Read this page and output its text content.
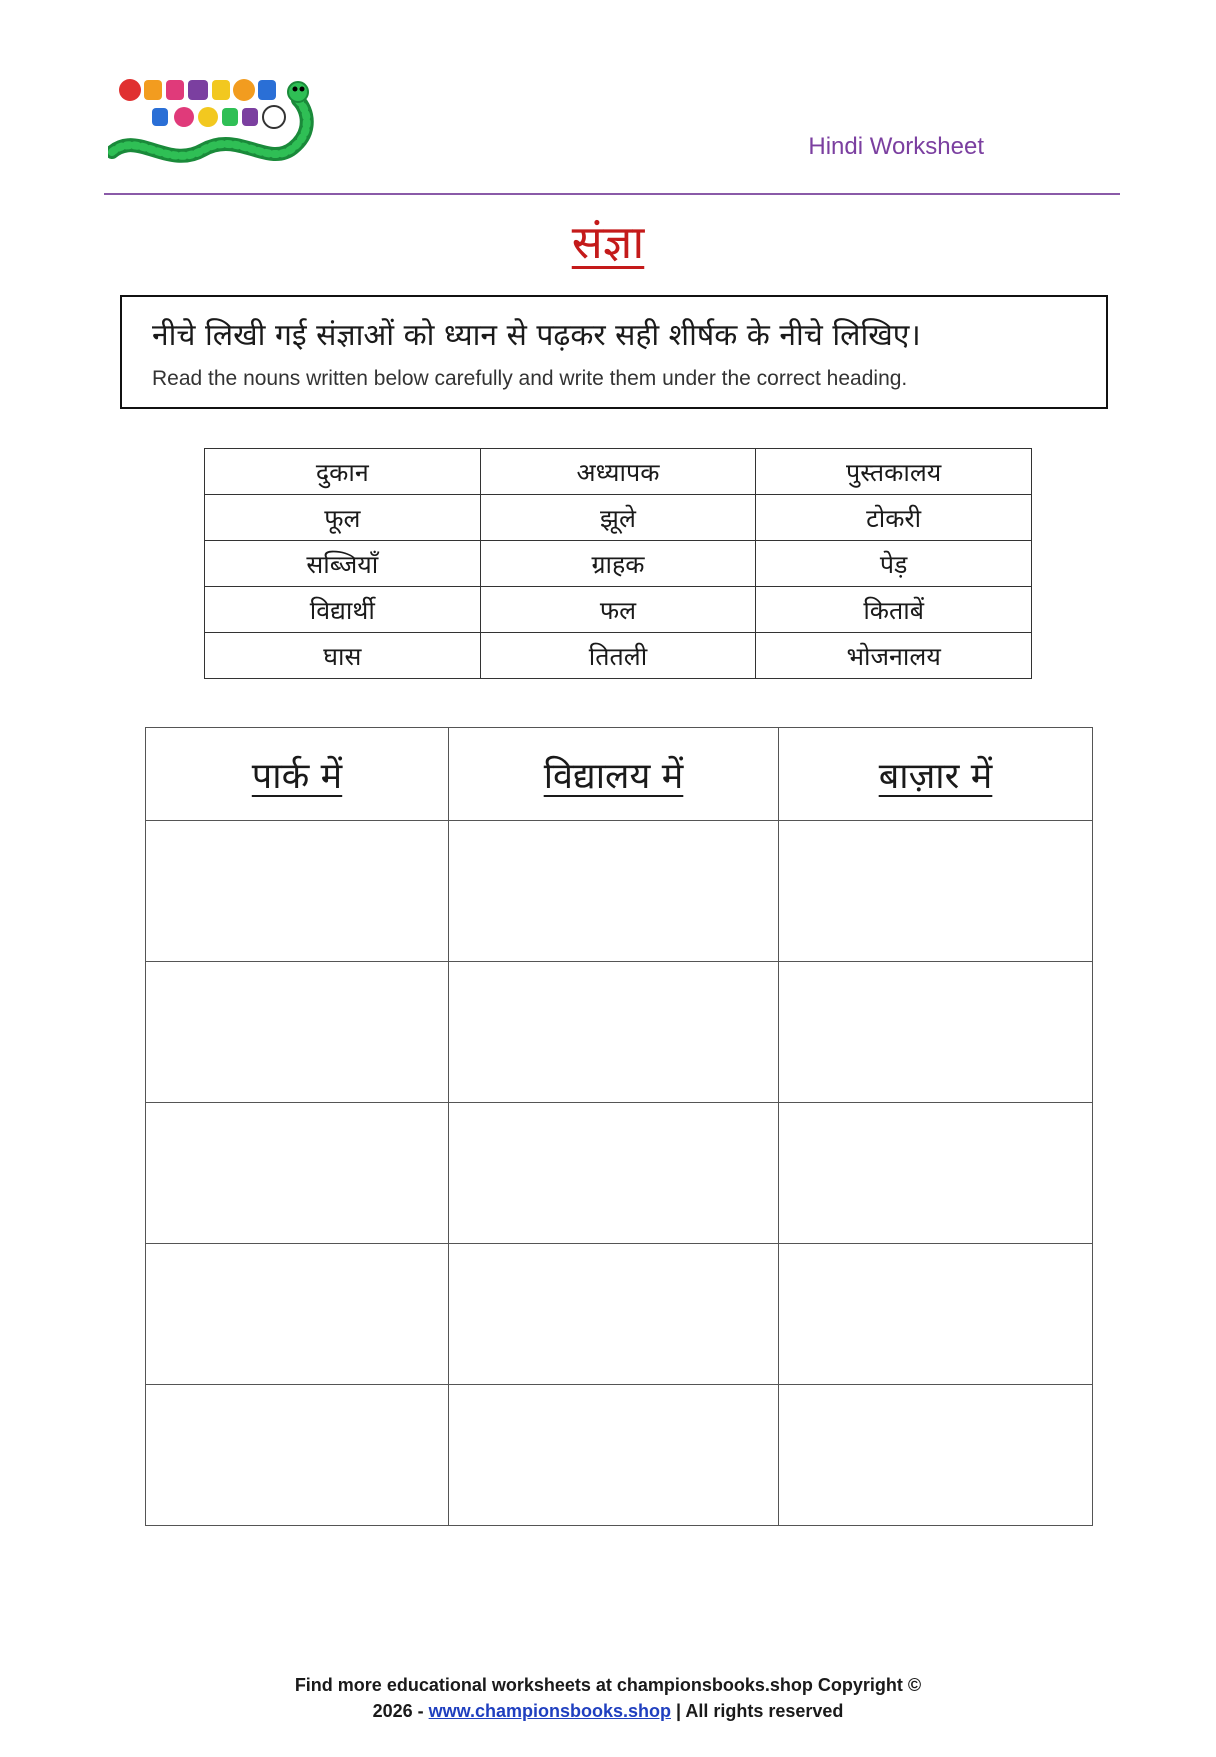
Hindi Worksheet
संज्ञा
नीचे लिखी गई संज्ञाओं को ध्यान से पढ़कर सही शीर्षक के नीचे लिखिए।
Read the nouns written below carefully and write them under the correct heading.
दुकान	अध्यापक	पुस्तकालय
फूल	झूले	टोकरी
सब्जियाँ	ग्राहक	पेड़
विद्यार्थी	फल	किताबें
घास	तितली	भोजनालय
पार्क में	विद्यालय में	बाज़ार में

Find more educational worksheets at championsbooks.shop Copyright ©
2026 - www.championsbooks.shop | All rights reserved
